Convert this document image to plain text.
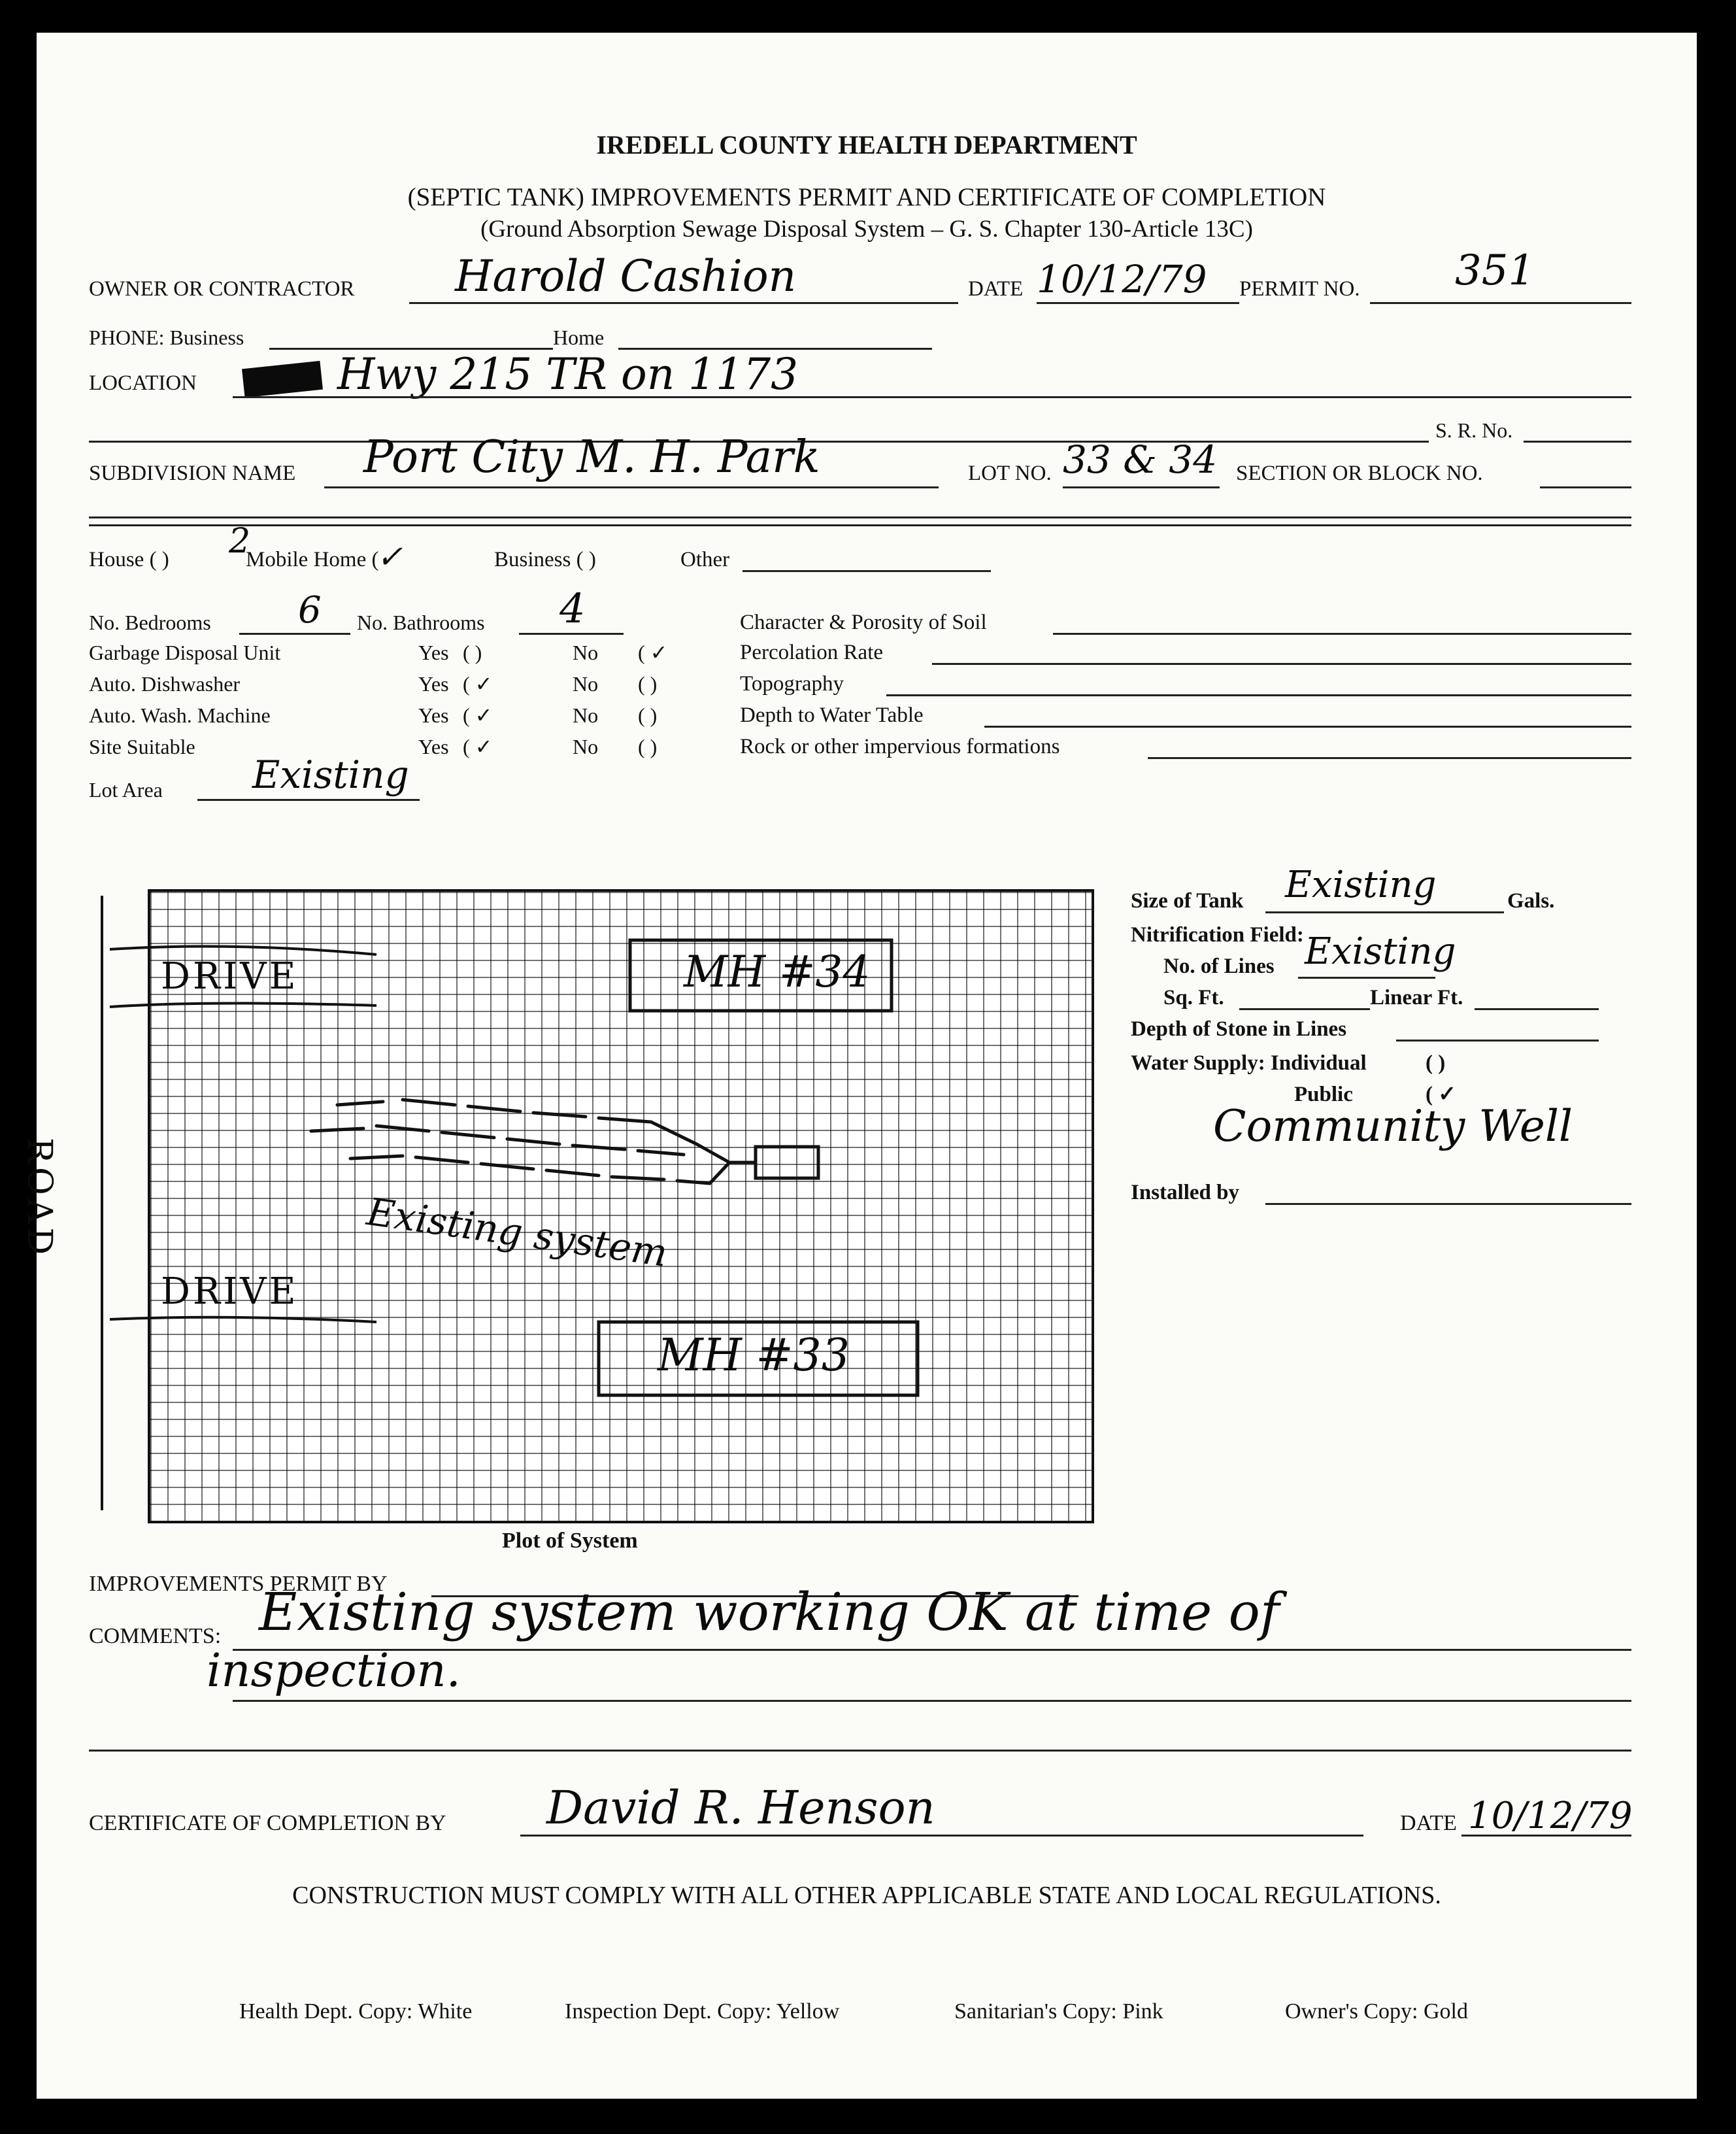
IREDELL COUNTY HEALTH DEPARTMENT
(SEPTIC TANK) IMPROVEMENTS PERMIT AND CERTIFICATE OF COMPLETION
(Ground Absorption Sewage Disposal System – G. S. Chapter 130-Article 13C)
OWNER OR CONTRACTOR Harold Cashion	DATE 10/12/79 PERMIT NO. 351
PHONE: Business	Home
LOCATION	Hwy 215 TR on 1173
S. R. No.
SUBDIVISION NAME Port City M. H. Park	LOT NO. 33 & 34 SECTION OR BLOCK NO.
House ( ) 2
Mobile Home (
✓	Business ( )	Other
No. Bedrooms 6 No. Bathrooms 4
Garbage Disposal Unit	Yes ( )	No ( ✓
Auto. Dishwasher	Yes ( ✓	No ( )
Auto. Wash. Machine	Yes ( ✓	No ( )
Site Suitable	Yes ( ✓	No ( )
Lot Area Existing
Character & Porosity of Soil
Percolation Rate
Topography
Depth to Water Table
Rock or other impervious formations
DRIVE
DRIVE
MH #34
MH #33
Existing system
ROAD
Plot of System
Size of Tank Existing	Gals.
Nitrification Field:
No. of Lines Existing
Sq. Ft.	Linear Ft.
Depth of Stone in Lines
Water Supply: Individual	( )
Public	( ✓
Community Well
Installed by
IMPROVEMENTS PERMIT BY
COMMENTS: Existing system working OK at time of
inspection.
CERTIFICATE OF COMPLETION BY David R. Henson	DATE 10/12/79
CONSTRUCTION MUST COMPLY WITH ALL OTHER APPLICABLE STATE AND LOCAL REGULATIONS.
Health Dept. Copy: White	Inspection Dept. Copy: Yellow	Sanitarian's Copy: Pink	Owner's Copy: Gold
